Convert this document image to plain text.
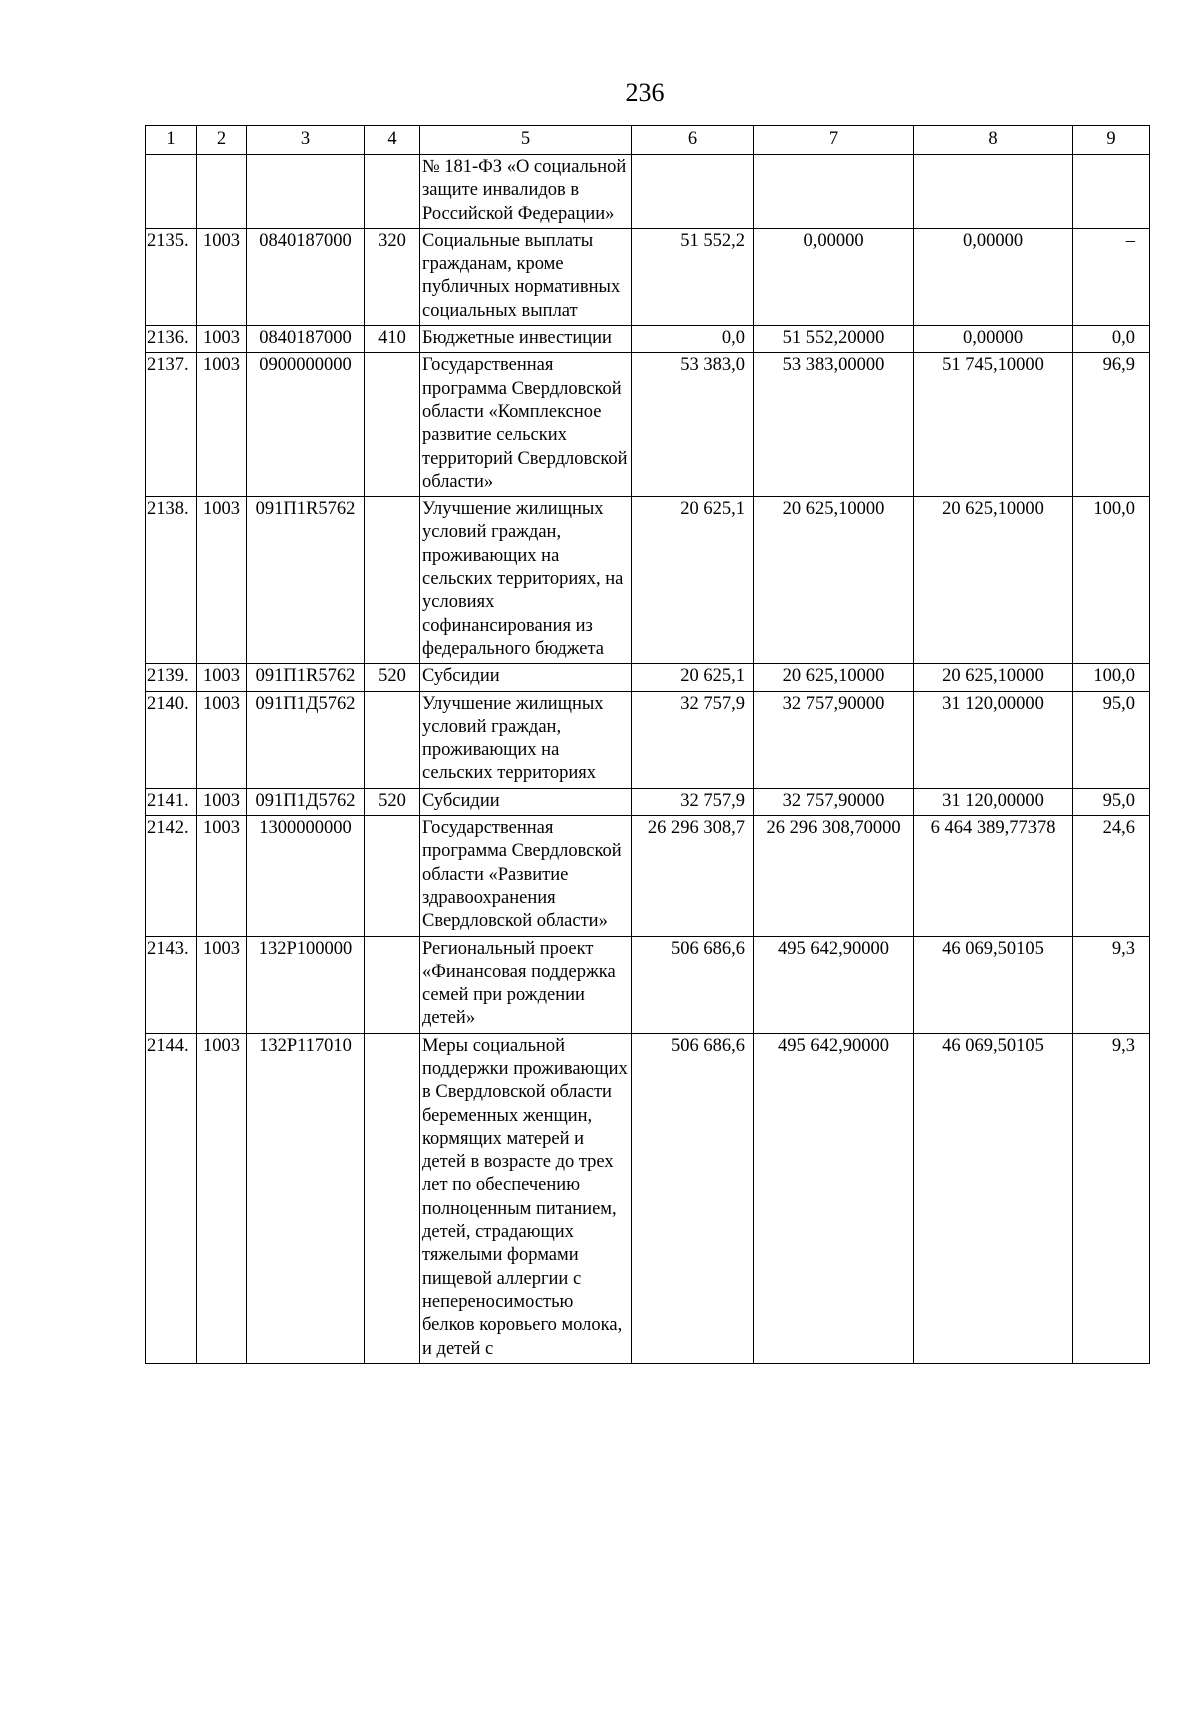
236
1	2	3	4	5	6	7	8	9
				№ 181-ФЗ «О социальной защите инвалидов в Российской Федерации»				
2135.	1003	0840187000	320	Социальные выплаты гражданам, кроме публичных нормативных социальных выплат	51 552,2	0,00000	0,00000	–
2136.	1003	0840187000	410	Бюджетные инвестиции	0,0	51 552,20000	0,00000	0,0
2137.	1003	0900000000		Государственная программа Свердловской области «Комплексное развитие сельских территорий Свердловской области»	53 383,0	53 383,00000	51 745,10000	96,9
2138.	1003	091П1R5762		Улучшение жилищных условий граждан, проживающих на сельских территориях, на условиях софинансирования из федерального бюджета	20 625,1	20 625,10000	20 625,10000	100,0
2139.	1003	091П1R5762	520	Субсидии	20 625,1	20 625,10000	20 625,10000	100,0
2140.	1003	091П1Д5762		Улучшение жилищных условий граждан, проживающих на сельских территориях	32 757,9	32 757,90000	31 120,00000	95,0
2141.	1003	091П1Д5762	520	Субсидии	32 757,9	32 757,90000	31 120,00000	95,0
2142.	1003	1300000000		Государственная программа Свердловской области «Развитие здравоохранения Свердловской области»	26 296 308,7	26 296 308,70000	6 464 389,77378	24,6
2143.	1003	132P100000		Региональный проект «Финансовая поддержка семей при рождении детей»	506 686,6	495 642,90000	46 069,50105	9,3
2144.	1003	132P117010		Меры социальной поддержки проживающих в Свердловской области беременных женщин, кормящих матерей и детей в возрасте до трех лет по обеспечению полноценным питанием, детей, страдающих тяжелыми формами пищевой аллергии с непереносимостью белков коровьего молока, и детей с	506 686,6	495 642,90000	46 069,50105	9,3
